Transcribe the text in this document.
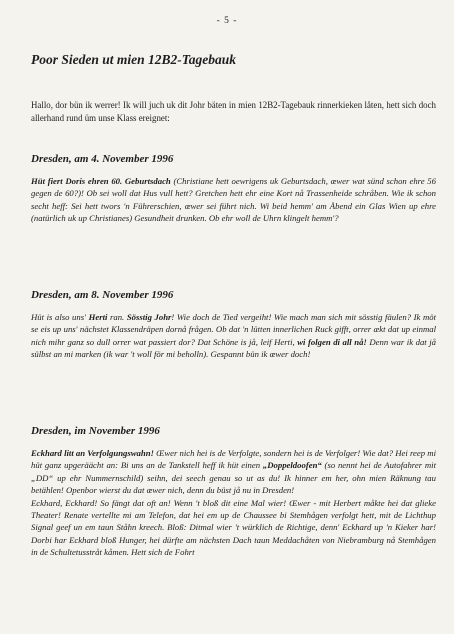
- 5 -
Poor Sieden ut mien 12B2-Tagebauk
Hallo, dor bün ik werrer! Ik will juch uk dit Johr bäten in mien 12B2-Tagebauk rinnerkieken låten, hett sich doch allerhand rund üm unse Klass ereignet:
Dresden, am 4. November 1996

Hüt fiert Doris ehren 60. Geburtsdach (Christiane hett oewrigens uk Geburtsdach, œwer wat sünd schon ehre 56 gegen de 60?)! Ob sei woll dat Hus vull hett? Gretchen hett ehr eine Kort nå Trassenheide schråben. Wie ik schon secht heff: Sei hett twors 'n Führerschien, œwer sei führt nich. Wi beid hemm' am Åbend ein Glas Wien up ehre (natürlich uk up Christianes) Gesundheit drunken. Ob ehr woll de Uhrn klingelt hemm'?

Dresden, am 8. November 1996

Hüt is also uns' Herti ran. Sösstig Johr! Wie doch de Tied vergeiht! Wie mach man sich mit sösstig fäulen? Ik möt se eis up uns' nächstet Klassendräpen dornå frågen. Ob dat 'n lütten innerlichen Ruck gifft, orrer ækt dat up einmal nich mihr ganz so dull orrer wat passiert dor? Dat Schöne is jå, leif Herti, wi folgen di all nå! Denn war ik dat jå sülbst an mi marken (ik war 't woll för mi beholln). Gespannt bün ik œwer doch!

Dresden, im November 1996

Eckhard litt an Verfolgungswahn! Œwer nich hei is de Verfolgte, sondern hei is de Verfolger! Wie dat? Hei reep mi hüt ganz upgeräächt an: Bi uns an de Tankstell heff ik hüt einen „Doppeldoofen“ (so nennt hei de Autofahrer mit „DD“ up ehr Nummernschild) seihn, dei seech genau so ut as du! Ik hinner em her, ohn mien Räknung tau betählen! Openbor wierst du dat œwer nich, denn du büst jå nu in Dresden!

Eckhard, Eckhard! So fängt dat oft an! Wenn 't bloß dit eine Mal wier! Œwer - mit Herbert måkte hei dat glieke Theater! Renate vertellte mi am Telefon, dat hei em up de Chaussee bi Stemhågen verfolgt hett, mit de Lichthup Signal geef un em taun Ståhn kreech. Bloß: Ditmal wier 't würklich de Richtige, denn' Eckhard up 'n Kieker har! Dorbi har Eckhard bloß Hunger, hei dürfte am nächsten Dach taun Meddachåten von Niebramburg nå Stemhågen in de Schultetusstråt kåmen. Hett sich de Fohrt
